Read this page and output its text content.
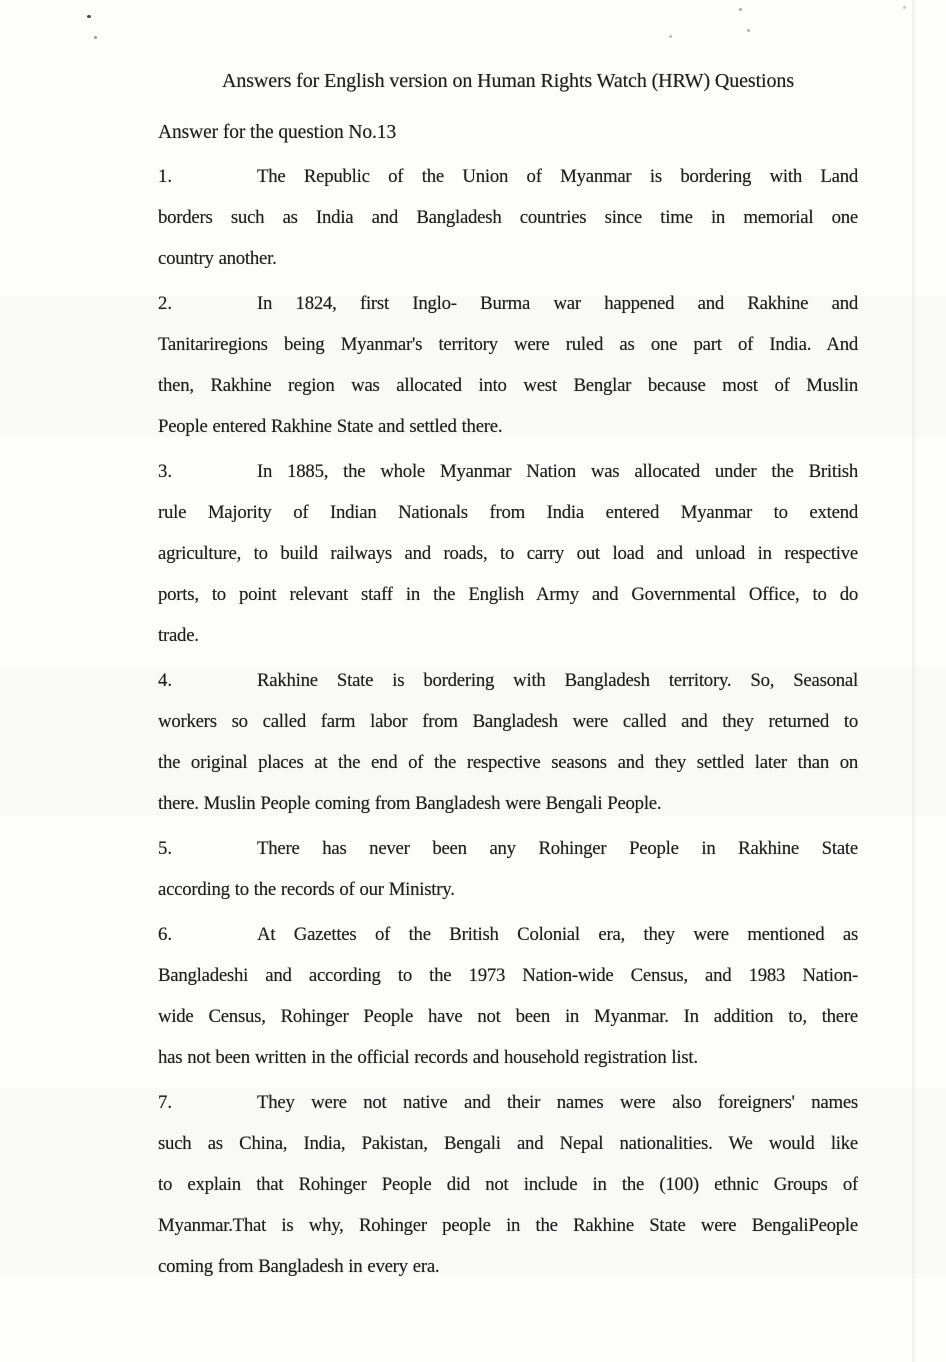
Answers for English version on Human Rights Watch (HRW) Questions
Answer for the question No.13
1.	The Republic of the Union of Myanmar is bordering with Land
borders such as India and Bangladesh countries since time in memorial one
country another.
2.	In 1824, first Inglo- Burma war happened and Rakhine and
Tanitariregions being Myanmar's territory were ruled as one part of India. And
then, Rakhine region was allocated into west Benglar because most of Muslin
People entered Rakhine State and settled there.
3.	In 1885, the whole Myanmar Nation was allocated under the British
rule Majority of Indian Nationals from India entered Myanmar to extend
agriculture, to build railways and roads, to carry out load and unload in respective
ports, to point relevant staff in the English Army and Governmental Office, to do
trade.
4.	Rakhine State is bordering with Bangladesh territory. So, Seasonal
workers so called farm labor from Bangladesh were called and they returned to
the original places at the end of the respective seasons and they settled later than on
there. Muslin People coming from Bangladesh were Bengali People.
5.	There has never been any Rohinger People in Rakhine State
according to the records of our Ministry.
6.	At Gazettes of the British Colonial era, they were mentioned as
Bangladeshi and according to the 1973 Nation-wide Census, and 1983 Nation-
wide Census, Rohinger People have not been in Myanmar. In addition to, there
has not been written in the official records and household registration list.
7.	They were not native and their names were also foreigners' names
such as China, India, Pakistan, Bengali and Nepal nationalities. We would like
to explain that Rohinger People did not include in the (100) ethnic Groups of
Myanmar.That is why, Rohinger people in the Rakhine State were BengaliPeople
coming from Bangladesh in every era.
